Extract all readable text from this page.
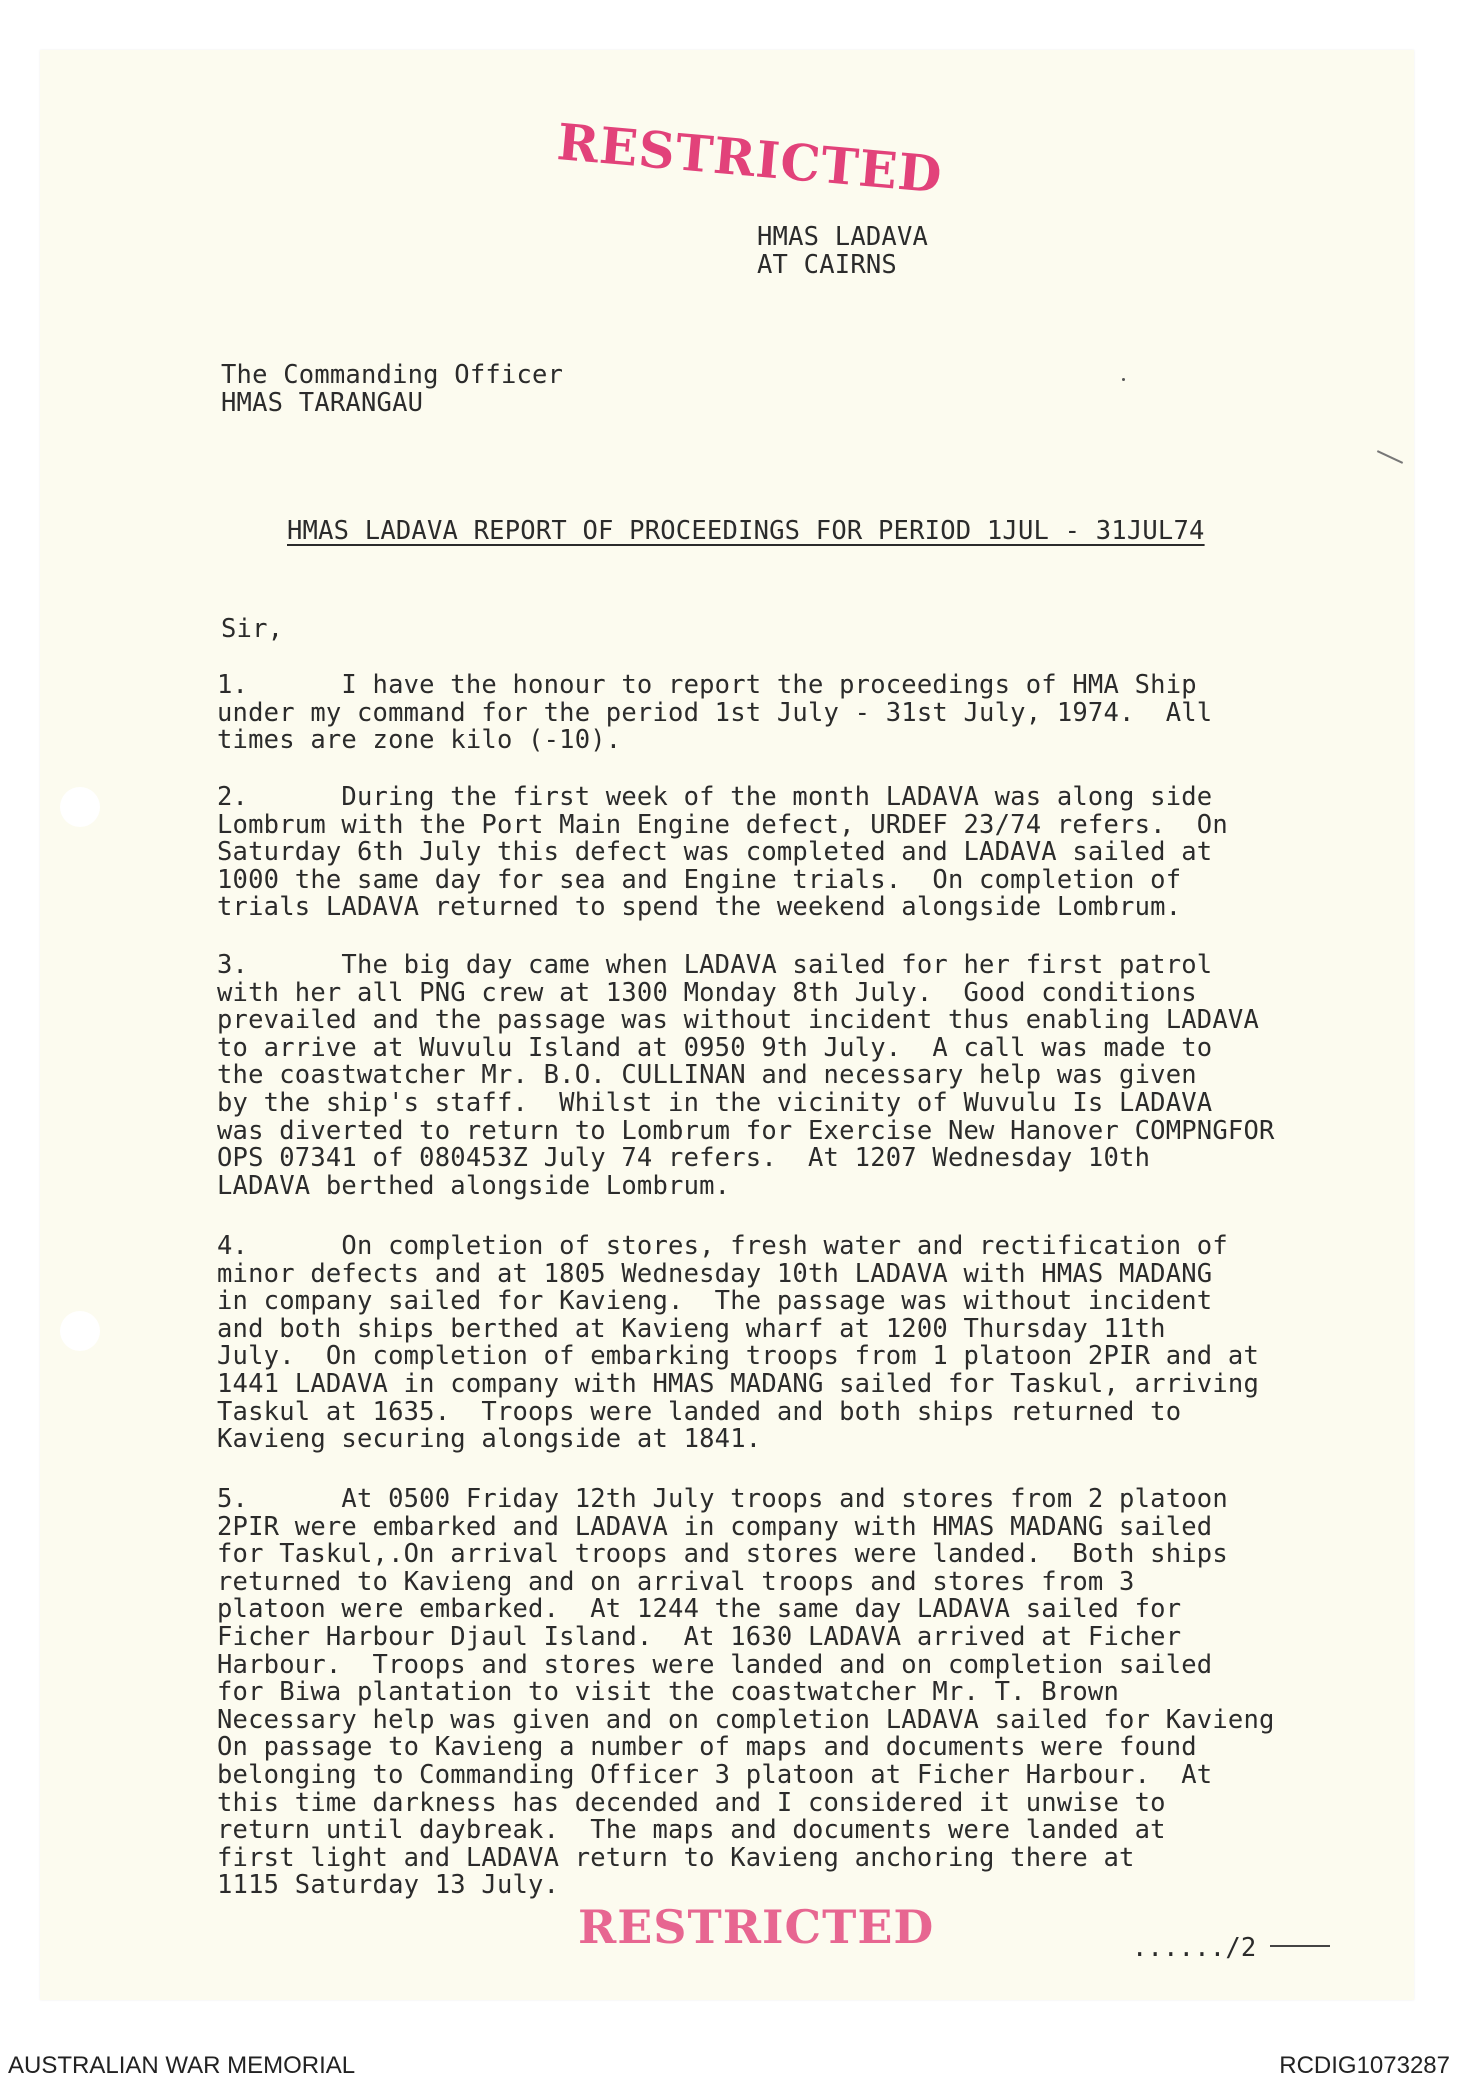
RESTRICTED
HMAS LADAVA
AT CAIRNS
The Commanding Officer
HMAS TARANGAU
HMAS LADAVA REPORT OF PROCEEDINGS FOR PERIOD 1JUL - 31JUL74
Sir,
1.      I have the honour to report the proceedings of HMA Ship
under my command for the period 1st July - 31st July, 1974.  All
times are zone kilo (-10).
2.      During the first week of the month LADAVA was along side
Lombrum with the Port Main Engine defect, URDEF 23/74 refers.  On
Saturday 6th July this defect was completed and LADAVA sailed at
1000 the same day for sea and Engine trials.  On completion of
trials LADAVA returned to spend the weekend alongside Lombrum.
3.      The big day came when LADAVA sailed for her first patrol
with her all PNG crew at 1300 Monday 8th July.  Good conditions
prevailed and the passage was without incident thus enabling LADAVA
to arrive at Wuvulu Island at 0950 9th July.  A call was made to
the coastwatcher Mr. B.O. CULLINAN and necessary help was given
by the ship's staff.  Whilst in the vicinity of Wuvulu Is LADAVA
was diverted to return to Lombrum for Exercise New Hanover COMPNGFOR
OPS 07341 of 080453Z July 74 refers.  At 1207 Wednesday 10th
LADAVA berthed alongside Lombrum.
4.      On completion of stores, fresh water and rectification of
minor defects and at 1805 Wednesday 10th LADAVA with HMAS MADANG
in company sailed for Kavieng.  The passage was without incident
and both ships berthed at Kavieng wharf at 1200 Thursday 11th
July.  On completion of embarking troops from 1 platoon 2PIR and at
1441 LADAVA in company with HMAS MADANG sailed for Taskul, arriving
Taskul at 1635.  Troops were landed and both ships returned to
Kavieng securing alongside at 1841.
5.      At 0500 Friday 12th July troops and stores from 2 platoon
2PIR were embarked and LADAVA in company with HMAS MADANG sailed
for Taskul,.On arrival troops and stores were landed.  Both ships
returned to Kavieng and on arrival troops and stores from 3
platoon were embarked.  At 1244 the same day LADAVA sailed for
Ficher Harbour Djaul Island.  At 1630 LADAVA arrived at Ficher
Harbour.  Troops and stores were landed and on completion sailed
for Biwa plantation to visit the coastwatcher Mr. T. Brown
Necessary help was given and on completion LADAVA sailed for Kavieng
On passage to Kavieng a number of maps and documents were found
belonging to Commanding Officer 3 platoon at Ficher Harbour.  At
this time darkness has decended and I considered it unwise to
return until daybreak.  The maps and documents were landed at
first light and LADAVA return to Kavieng anchoring there at
1115 Saturday 13 July.
RESTRICTED	....../2
AUSTRALIAN WAR MEMORIAL	RCDIG1073287
